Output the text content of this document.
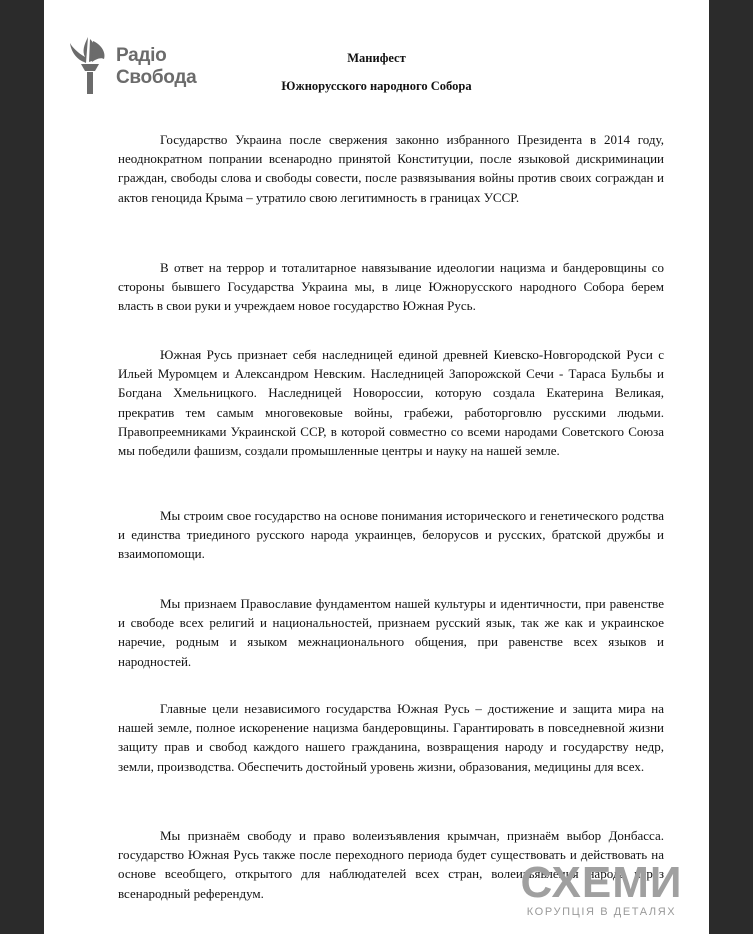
Радіо
Свобода
Манифест
Южнорусского народного Собора

Государство Украина после свержения законно избранного Президента в 2014 году, неоднократном попрании всенародно принятой Конституции, после языковой дискриминации граждан, свободы слова и свободы совести, после развязывания войны против своих сограждан и актов геноцида Крыма – утратило свою легитимность в границах УССР.

В ответ на террор и тоталитарное навязывание идеологии нацизма и бандеровщины со стороны бывшего Государства Украина мы, в лице Южнорусского народного Собора берем власть в свои руки и учреждаем новое государство Южная Русь.

Южная Русь признает себя наследницей единой древней Киевско-Новгородской Руси с Ильей Муромцем и Александром Невским. Наследницей Запорожской Сечи - Тараса Бульбы и Богдана Хмельницкого. Наследницей Новороссии, которую создала Екатерина Великая, прекратив тем самым многовековые войны, грабежи, работорговлю русскими людьми. Правопреемниками Украинской ССР, в которой совместно со всеми народами Советского Союза мы победили фашизм, создали промышленные центры и науку на нашей земле.

Мы строим свое государство на основе понимания исторического и генетического родства и единства триединого русского народа украинцев, белорусов и русских, братской дружбы и взаимопомощи.

Мы признаем Православие фундаментом нашей культуры и идентичности, при равенстве и свободе всех религий и национальностей, признаем русский язык, так же как и украинское наречие, родным и языком межнационального общения, при равенстве всех языков и народностей.

Главные цели независимого государства Южная Русь – достижение и защита мира на нашей земле, полное искоренение нацизма бандеровщины. Гарантировать в повседневной жизни защиту прав и свобод каждого нашего гражданина, возвращения народу и государству недр, земли, производства. Обеспечить достойный уровень жизни, образования, медицины для всех.

Мы признаём свободу и право волеизъявления крымчан, признаём выбор Донбасса. государство Южная Русь также после переходного периода будет существовать и действовать на основе всеобщего, открытого для наблюдателей всех стран, волеизъявления народа через всенародный референдум.	СХЕМИ
КОРУПЦІЯ В ДЕТАЛЯХ
